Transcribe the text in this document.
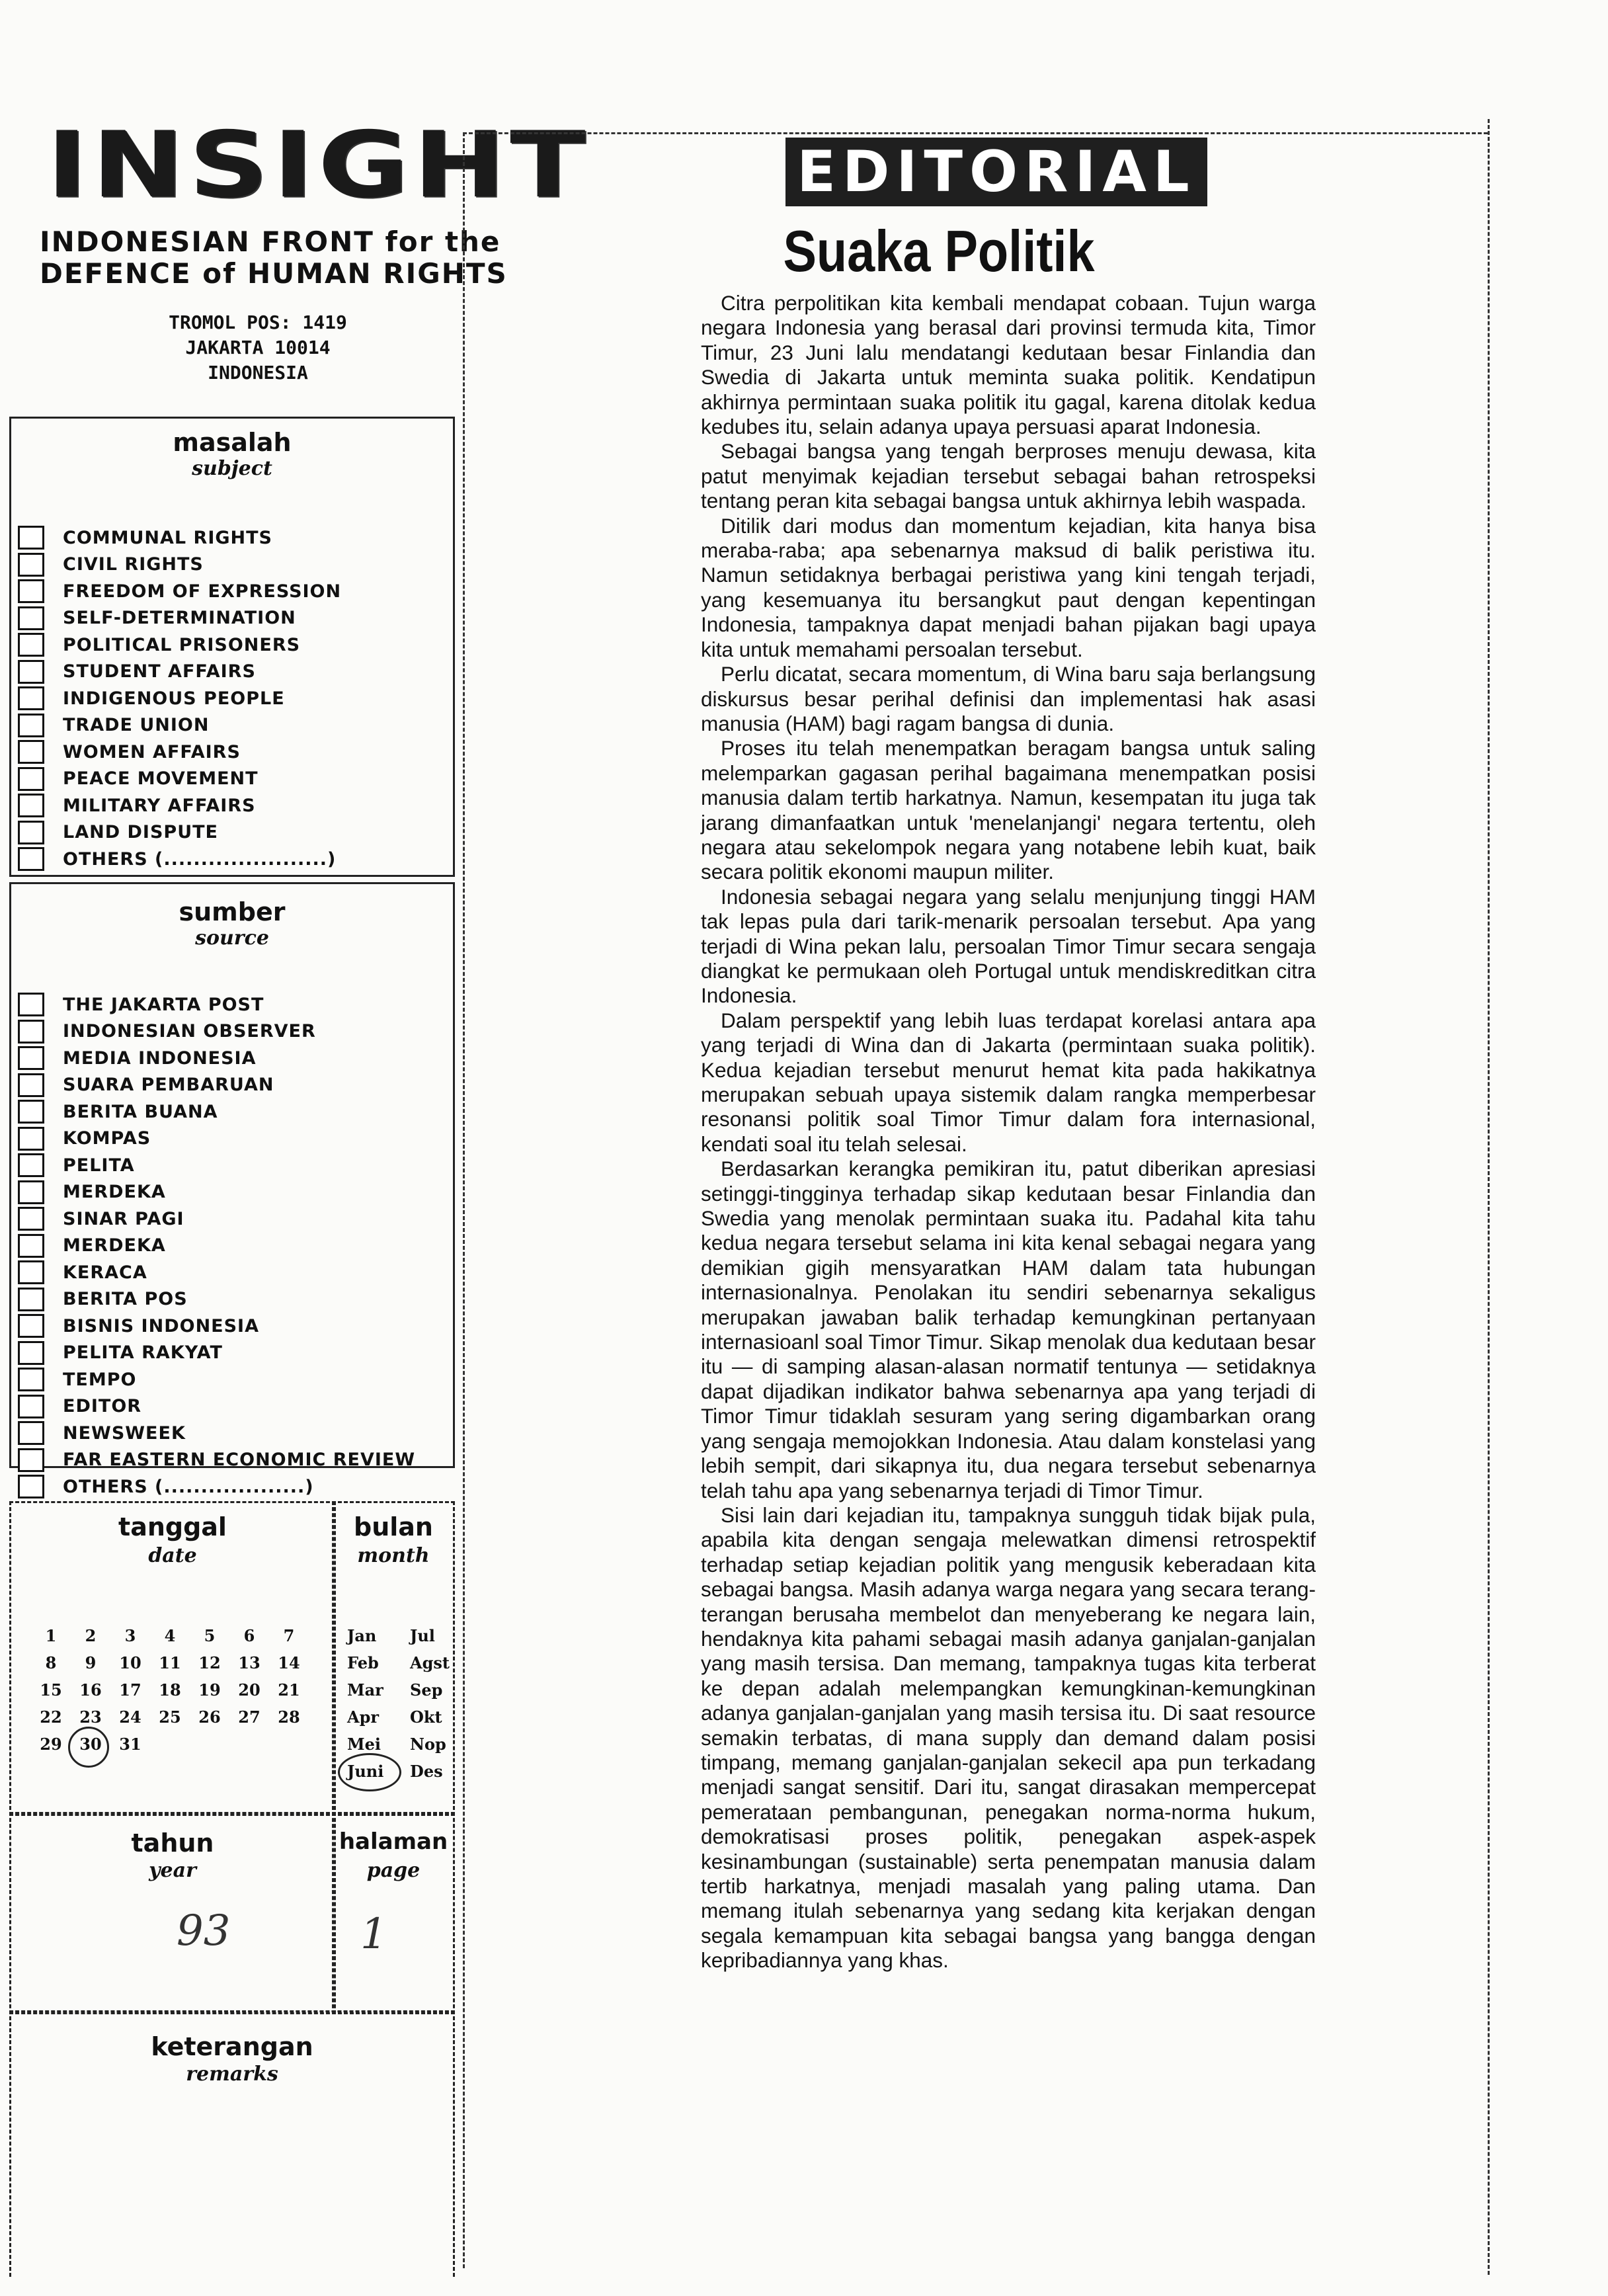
INSIGHT
INDONESIAN FRONT for the
DEFENCE of HUMAN RIGHTS
TROMOL POS: 1419
JAKARTA 10014
INDONESIA
masalah
subject
COMMUNAL RIGHTS
CIVIL RIGHTS
FREEDOM OF EXPRESSION
SELF-DETERMINATION
POLITICAL PRISONERS
STUDENT AFFAIRS
INDIGENOUS PEOPLE
TRADE UNION
WOMEN AFFAIRS
PEACE MOVEMENT
MILITARY AFFAIRS
LAND DISPUTE
OTHERS (......................)
sumber
source
THE JAKARTA POST
INDONESIAN OBSERVER
MEDIA INDONESIA
SUARA PEMBARUAN
BERITA BUANA
KOMPAS
PELITA
MERDEKA
SINAR PAGI
MERDEKA
KERACA
BERITA POS
BISNIS INDONESIA
PELITA RAKYAT
TEMPO
EDITOR
NEWSWEEK
FAR EASTERN ECONOMIC REVIEW
OTHERS (...................)
tanggal
date
1	2	3	4	5	6	7
8	9	10	11	12	13	14
15	16	17	18	19	20	21
22	23	24	25	26	27	28
29	30	31
bulan
month
Jan	Jul
Feb	Agst
Mar	Sep
Apr	Okt
Mei	Nop
Juni	Des
tahun
year
93
halaman
page
1
keterangan
remarks
EDITORIAL
Suaka Politik

Citra perpolitikan kita kembali mendapat cobaan. Tujun warga negara Indonesia yang berasal dari provinsi termuda kita, Timor Timur, 23 Juni lalu mendatangi kedutaan besar Finlandia dan Swedia di Jakarta untuk meminta suaka politik. Kendatipun akhirnya permintaan suaka politik itu gagal, karena ditolak kedua kedubes itu, selain adanya upaya persuasi aparat Indonesia.

Sebagai bangsa yang tengah berproses menuju dewasa, kita patut menyimak kejadian tersebut sebagai bahan retrospeksi tentang peran kita sebagai bangsa untuk akhirnya lebih waspada.

Ditilik dari modus dan momentum kejadian, kita hanya bisa meraba-raba; apa sebenarnya maksud di balik peristiwa itu. Namun setidaknya berbagai peristiwa yang kini tengah terjadi, yang kesemuanya itu bersangkut paut dengan kepentingan Indonesia, tampaknya dapat menjadi bahan pijakan bagi upaya kita untuk memahami persoalan tersebut.

Perlu dicatat, secara momentum, di Wina baru saja berlangsung diskursus besar perihal definisi dan implementasi hak asasi manusia (HAM) bagi ragam bangsa di dunia.

Proses itu telah menempatkan beragam bangsa untuk saling melemparkan gagasan perihal bagaimana menempatkan posisi manusia dalam tertib harkatnya. Namun, kesempatan itu juga tak jarang dimanfaatkan untuk 'menelanjangi' negara tertentu, oleh negara atau sekelompok negara yang notabene lebih kuat, baik secara politik ekonomi maupun militer.

Indonesia sebagai negara yang selalu menjunjung tinggi HAM tak lepas pula dari tarik-menarik persoalan tersebut. Apa yang terjadi di Wina pekan lalu, persoalan Timor Timur secara sengaja diangkat ke permukaan oleh Portugal untuk mendiskreditkan citra Indonesia.

Dalam perspektif yang lebih luas terdapat korelasi antara apa yang terjadi di Wina dan di Jakarta (permintaan suaka politik). Kedua kejadian tersebut menurut hemat kita pada hakikatnya merupakan sebuah upaya sistemik dalam rangka memperbesar resonansi politik soal Timor Timur dalam fora internasional, kendati soal itu telah selesai.

Berdasarkan kerangka pemikiran itu, patut diberikan apresiasi setinggi-tingginya terhadap sikap kedutaan besar Finlandia dan Swedia yang menolak permintaan suaka itu. Padahal kita tahu kedua negara tersebut selama ini kita kenal sebagai negara yang demikian gigih mensyaratkan HAM dalam tata hubungan internasionalnya. Penolakan itu sendiri sebenarnya sekaligus merupakan jawaban balik terhadap kemungkinan pertanyaan internasioanl soal Timor Timur. Sikap menolak dua kedutaan besar itu — di samping alasan-alasan normatif tentunya — setidaknya dapat dijadikan indikator bahwa sebenarnya apa yang terjadi di Timor Timur tidaklah sesuram yang sering digambarkan orang yang sengaja memojokkan Indonesia. Atau dalam konstelasi yang lebih sempit, dari sikapnya itu, dua negara tersebut sebenarnya telah tahu apa yang sebenarnya terjadi di Timor Timur.

Sisi lain dari kejadian itu, tampaknya sungguh tidak bijak pula, apabila kita dengan sengaja melewatkan dimensi retrospektif terhadap setiap kejadian politik yang mengusik keberadaan kita sebagai bangsa. Masih adanya warga negara yang secara terang-terangan berusaha membelot dan menyeberang ke negara lain, hendaknya kita pahami sebagai masih adanya ganjalan-ganjalan yang masih tersisa. Dan memang, tampaknya tugas kita terberat ke depan adalah melempangkan kemungkinan-kemungkinan adanya ganjalan-ganjalan yang masih tersisa itu. Di saat resource semakin terbatas, di mana supply dan demand dalam posisi timpang, memang ganjalan-ganjalan sekecil apa pun terkadang menjadi sangat sensitif. Dari itu, sangat dirasakan mempercepat pemerataan pembangunan, penegakan norma-norma hukum, demokratisasi proses politik, penegakan aspek-aspek kesinambungan (sustainable) serta penempatan manusia dalam tertib harkatnya, menjadi masalah yang paling utama. Dan memang itulah sebenarnya yang sedang kita kerjakan dengan segala kemampuan kita sebagai bangsa yang bangga dengan kepribadiannya yang khas.
